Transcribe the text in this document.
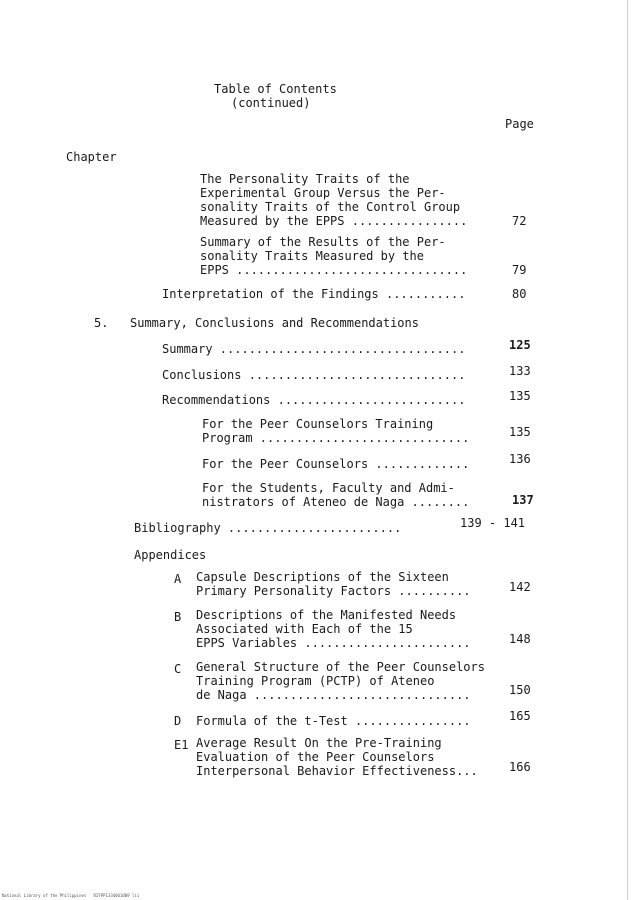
Table of Contents
(continued)
Page
Chapter
The Personality Traits of the
Experimental Group Versus the Per-
sonality Traits of the Control Group
Measured by the EPPS ................	72
Summary of the Results of the Per-
sonality Traits Measured by the
EPPS ................................	79
Interpretation of the Findings ...........	80
5. Summary, Conclusions and Recommendations
Summary ..................................	125
Conclusions ..............................	133
Recommendations ..........................	135
For the Peer Counselors Training
Program .............................	135
For the Peer Counselors .............	136
For the Students, Faculty and Admi-
nistrators of Ateneo de Naga ........	137
Bibliography ........................	139 - 141
Appendices
A Capsule Descriptions of the Sixteen
Primary Personality Factors ..........	142
B Descriptions of the Manifested Needs
Associated with Each of the 15
EPPS Variables .......................	148
C General Structure of the Peer Counselors
Training Program (PCTP) of Ateneo
de Naga ..............................	150
D Formula of the t-Test ................	165
E1 Average Result On the Pre-Training
Evaluation of the Peer Counselors
Interpersonal Behavior Effectiveness...	166
National Library of the Philippines   RIFPP1334061009 lii
